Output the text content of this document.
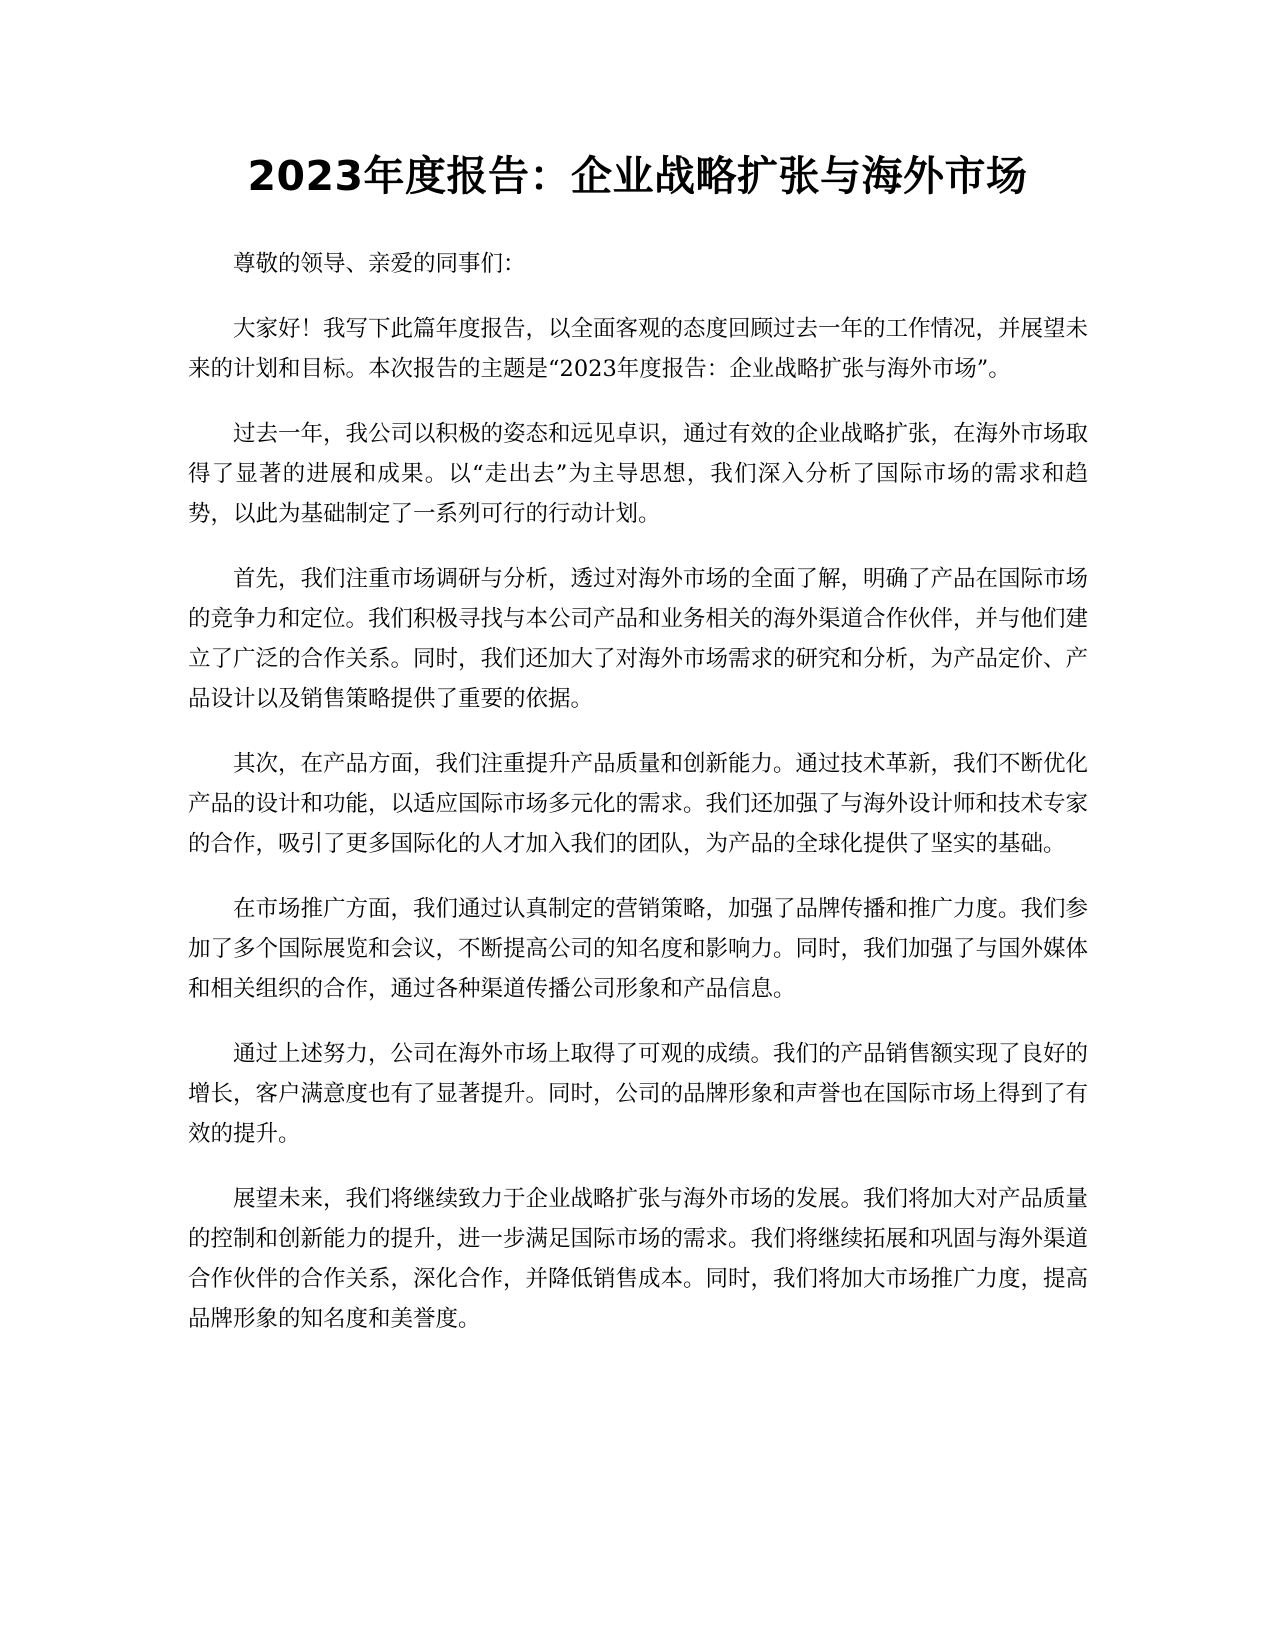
2023年度报告：企业战略扩张与海外市场

尊敬的领导、亲爱的同事们：

大家好！我写下此篇年度报告，以全面客观的态度回顾过去一年的工作情况，并展望未来的计划和目标。本次报告的主题是“2023年度报告：企业战略扩张与海外市场”。

过去一年，我公司以积极的姿态和远见卓识，通过有效的企业战略扩张，在海外市场取得了显著的进展和成果。以“走出去”为主导思想，我们深入分析了国际市场的需求和趋势，以此为基础制定了一系列可行的行动计划。

首先，我们注重市场调研与分析，透过对海外市场的全面了解，明确了产品在国际市场的竞争力和定位。我们积极寻找与本公司产品和业务相关的海外渠道合作伙伴，并与他们建立了广泛的合作关系。同时，我们还加大了对海外市场需求的研究和分析，为产品定价、产品设计以及销售策略提供了重要的依据。

其次，在产品方面，我们注重提升产品质量和创新能力。通过技术革新，我们不断优化产品的设计和功能，以适应国际市场多元化的需求。我们还加强了与海外设计师和技术专家的合作，吸引了更多国际化的人才加入我们的团队，为产品的全球化提供了坚实的基础。

在市场推广方面，我们通过认真制定的营销策略，加强了品牌传播和推广力度。我们参加了多个国际展览和会议，不断提高公司的知名度和影响力。同时，我们加强了与国外媒体和相关组织的合作，通过各种渠道传播公司形象和产品信息。

通过上述努力，公司在海外市场上取得了可观的成绩。我们的产品销售额实现了良好的增长，客户满意度也有了显著提升。同时，公司的品牌形象和声誉也在国际市场上得到了有效的提升。

展望未来，我们将继续致力于企业战略扩张与海外市场的发展。我们将加大对产品质量的控制和创新能力的提升，进一步满足国际市场的需求。我们将继续拓展和巩固与海外渠道合作伙伴的合作关系，深化合作，并降低销售成本。同时，我们将加大市场推广力度，提高品牌形象的知名度和美誉度。
